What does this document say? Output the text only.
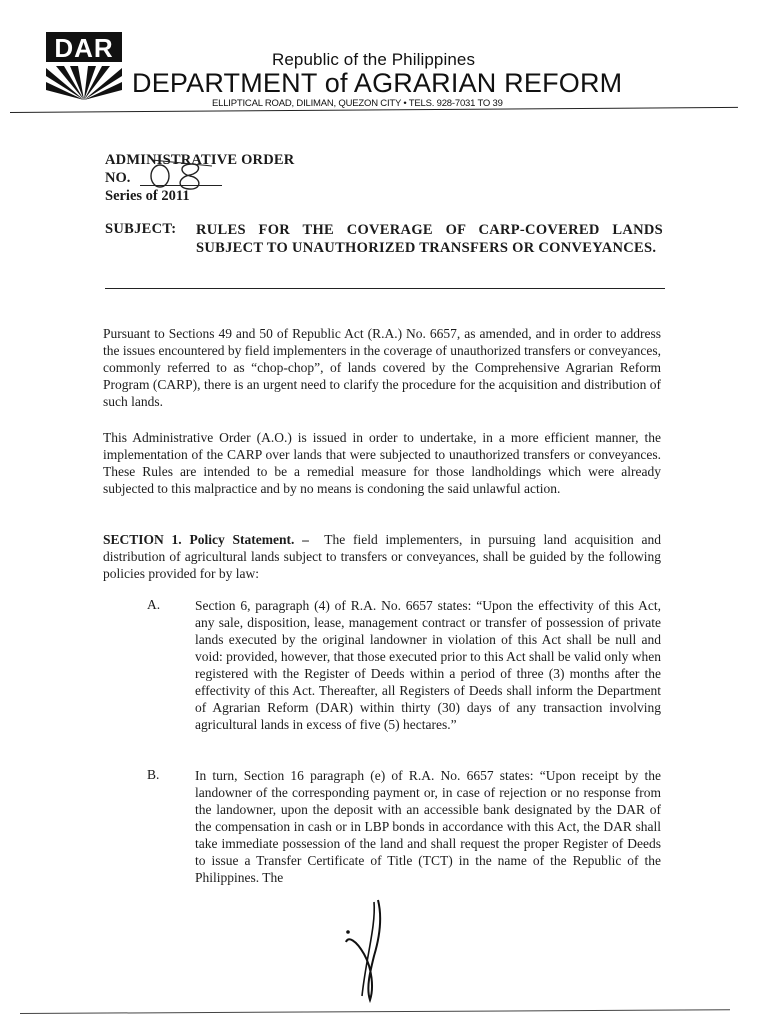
DAR	Republic of the Philippines
DEPARTMENT of AGRARIAN REFORM
ELLIPTICAL ROAD, DILIMAN, QUEZON CITY • TELS. 928-7031 TO 39
ADMINISTRATIVE ORDER
NO.
Series of 2011
SUBJECT: RULES FOR THE COVERAGE OF CARP-COVERED LANDS SUBJECT TO UNAUTHORIZED TRANSFERS OR CONVEYANCES.
Pursuant to Sections 49 and 50 of Republic Act (R.A.) No. 6657, as amended, and in order to address the issues encountered by field implementers in the coverage of unauthorized transfers or conveyances, commonly referred to as “chop-chop”, of lands covered by the Comprehensive Agrarian Reform Program (CARP), there is an urgent need to clarify the procedure for the acquisition and distribution of such lands.
This Administrative Order (A.O.) is issued in order to undertake, in a more efficient manner, the implementation of the CARP over lands that were subjected to unauthorized transfers or conveyances. These Rules are intended to be a remedial measure for those landholdings which were already subjected to this malpractice and by no means is condoning the said unlawful action.
SECTION 1. Policy Statement. – The field implementers, in pursuing land acquisition and distribution of agricultural lands subject to transfers or conveyances, shall be guided by the following policies provided for by law:
A.	Section 6, paragraph (4) of R.A. No. 6657 states: “Upon the effectivity of this Act, any sale, disposition, lease, management contract or transfer of possession of private lands executed by the original landowner in violation of this Act shall be null and void: provided, however, that those executed prior to this Act shall be valid only when registered with the Register of Deeds within a period of three (3) months after the effectivity of this Act. Thereafter, all Registers of Deeds shall inform the Department of Agrarian Reform (DAR) within thirty (30) days of any transaction involving agricultural lands in excess of five (5) hectares.”
B.	In turn, Section 16 paragraph (e) of R.A. No. 6657 states: “Upon receipt by the landowner of the corresponding payment or, in case of rejection or no response from the landowner, upon the deposit with an accessible bank designated by the DAR of the compensation in cash or in LBP bonds in accordance with this Act, the DAR shall take immediate possession of the land and shall request the proper Register of Deeds to issue a Transfer Certificate of Title (TCT) in the name of the Republic of the Philippines. The
